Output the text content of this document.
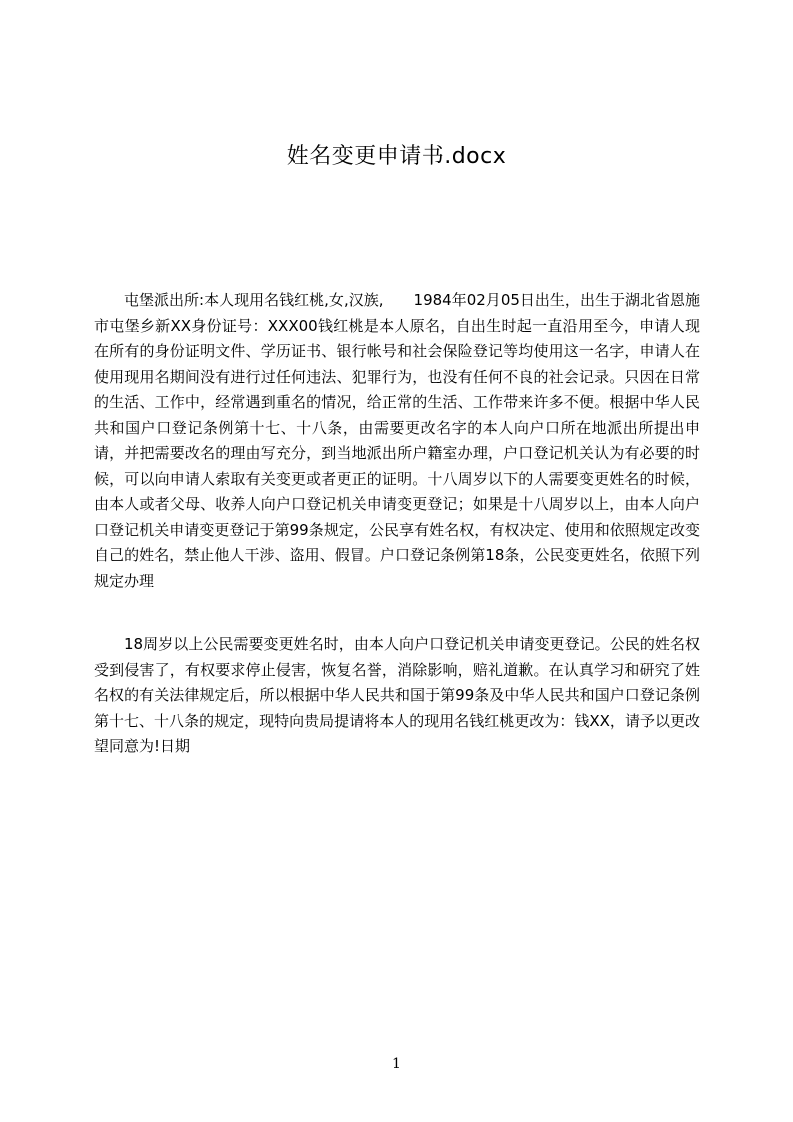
姓名变更申请书.docx

屯堡派出所:本人现用名钱红桃,女,汉族,　　1984年02月05日出生，出生于湖北省恩施市屯堡乡新XX身份证号：XXX00钱红桃是本人原名，自出生时起一直沿用至今，申请人现在所有的身份证明文件、学历证书、银行帐号和社会保险登记等均使用这一名字，申请人在使用现用名期间没有进行过任何违法、犯罪行为，也没有任何不良的社会记录。只因在日常的生活、工作中，经常遇到重名的情况，给正常的生活、工作带来许多不便。根据中华人民共和国户口登记条例第十七、十八条，由需要更改名字的本人向户口所在地派出所提出申请，并把需要改名的理由写充分，到当地派出所户籍室办理，户口登记机关认为有必要的时候，可以向申请人索取有关变更或者更正的证明。十八周岁以下的人需要变更姓名的时候，由本人或者父母、收养人向户口登记机关申请变更登记；如果是十八周岁以上，由本人向户口登记机关申请变更登记于第99条规定，公民享有姓名权，有权决定、使用和依照规定改变自己的姓名，禁止他人干涉、盗用、假冒。户口登记条例第18条，公民变更姓名，依照下列规定办理

18周岁以上公民需要变更姓名时，由本人向户口登记机关申请变更登记。公民的姓名权受到侵害了，有权要求停止侵害，恢复名誉，消除影响，赔礼道歉。在认真学习和研究了姓名权的有关法律规定后，所以根据中华人民共和国于第99条及中华人民共和国户口登记条例第十七、十八条的规定，现特向贵局提请将本人的现用名钱红桃更改为：钱XX，请予以更改望同意为!日期

1
